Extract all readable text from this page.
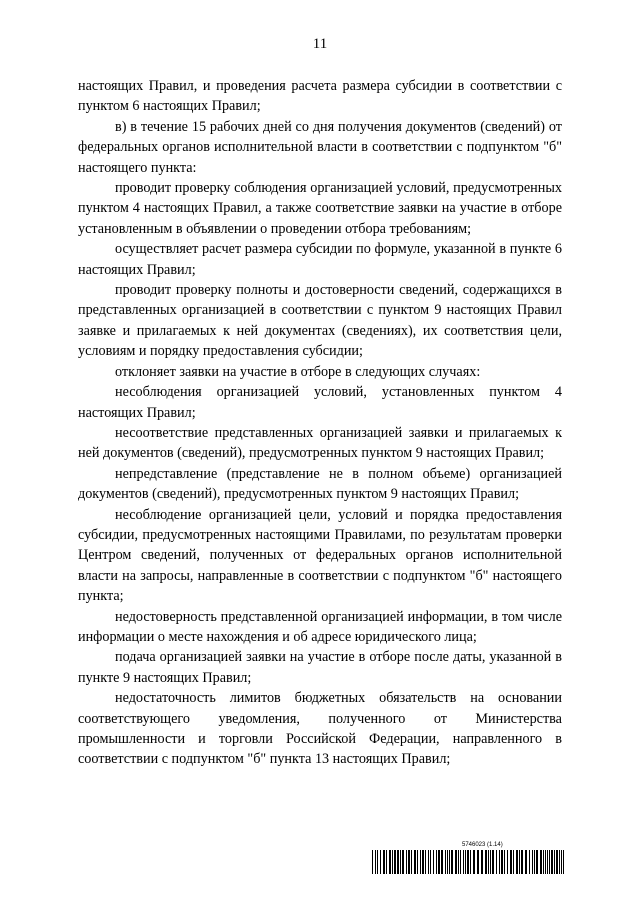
11

настоящих Правил, и проведения расчета размера субсидии в соответствии с пунктом 6 настоящих Правил;

в) в течение 15 рабочих дней со дня получения документов (сведений) от федеральных органов исполнительной власти в соответствии с подпунктом "б" настоящего пункта:

проводит проверку соблюдения организацией условий, предусмотренных пунктом 4 настоящих Правил, а также соответствие заявки на участие в отборе установленным в объявлении о проведении отбора требованиям;

осуществляет расчет размера субсидии по формуле, указанной в пункте 6 настоящих Правил;

проводит проверку полноты и достоверности сведений, содержащихся в представленных организацией в соответствии с пунктом 9 настоящих Правил заявке и прилагаемых к ней документах (сведениях), их соответствия цели, условиям и порядку предоставления субсидии;

отклоняет заявки на участие в отборе в следующих случаях:

несоблюдения организацией условий, установленных пунктом 4 настоящих Правил;

несоответствие представленных организацией заявки и прилагаемых к ней документов (сведений), предусмотренных пунктом 9 настоящих Правил;

непредставление (представление не в полном объеме) организацией документов (сведений), предусмотренных пунктом 9 настоящих Правил;

несоблюдение организацией цели, условий и порядка предоставления субсидии, предусмотренных настоящими Правилами, по результатам проверки Центром сведений, полученных от федеральных органов исполнительной власти на запросы, направленные в соответствии с подпунктом "б" настоящего пункта;

недостоверность представленной организацией информации, в том числе информации о месте нахождения и об адресе юридического лица;

подача организацией заявки на участие в отборе после даты, указанной в пункте 9 настоящих Правил;

недостаточность лимитов бюджетных обязательств на основании соответствующего уведомления, полученного от Министерства промышленности и торговли Российской Федерации, направленного в соответствии с подпунктом "б" пункта 13 настоящих Правил;

5746023 (1.14)
